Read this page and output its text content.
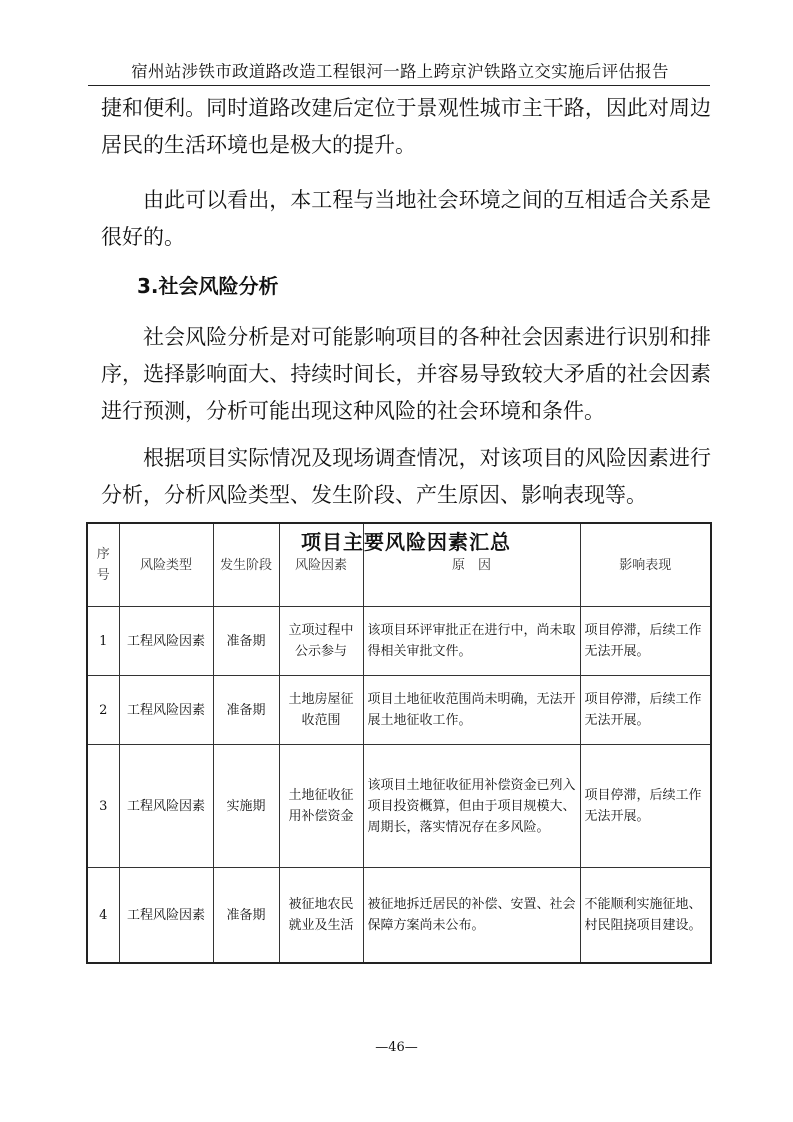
宿州站涉铁市政道路改造工程银河一路上跨京沪铁路立交实施后评估报告

捷和便利。同时道路改建后定位于景观性城市主干路，因此对周边居民的生活环境也是极大的提升。

由此可以看出，本工程与当地社会环境之间的互相适合关系是很好的。

3.社会风险分析

社会风险分析是对可能影响项目的各种社会因素进行识别和排序，选择影响面大、持续时间长，并容易导致较大矛盾的社会因素进行预测，分析可能出现这种风险的社会环境和条件。

根据项目实际情况及现场调查情况，对该项目的风险因素进行分析，分析风险类型、发生阶段、产生原因、影响表现等。

项目主要风险因素汇总

序号	风险类型	发生阶段	风险因素	原　因	影响表现
1	工程风险因素	准备期	立项过程中公示参与	该项目环评审批正在进行中，尚未取得相关审批文件。	项目停滞，后续工作无法开展。
2	工程风险因素	准备期	土地房屋征收范围	项目土地征收范围尚未明确，无法开展土地征收工作。	项目停滞，后续工作无法开展。
3	工程风险因素	实施期	土地征收征用补偿资金	该项目土地征收征用补偿资金已列入项目投资概算，但由于项目规模大、周期长，落实情况存在多风险。	项目停滞，后续工作无法开展。
4	工程风险因素	准备期	被征地农民就业及生活	被征地拆迁居民的补偿、安置、社会保障方案尚未公布。	不能顺利实施征地、村民阻挠项目建设。
—46—
